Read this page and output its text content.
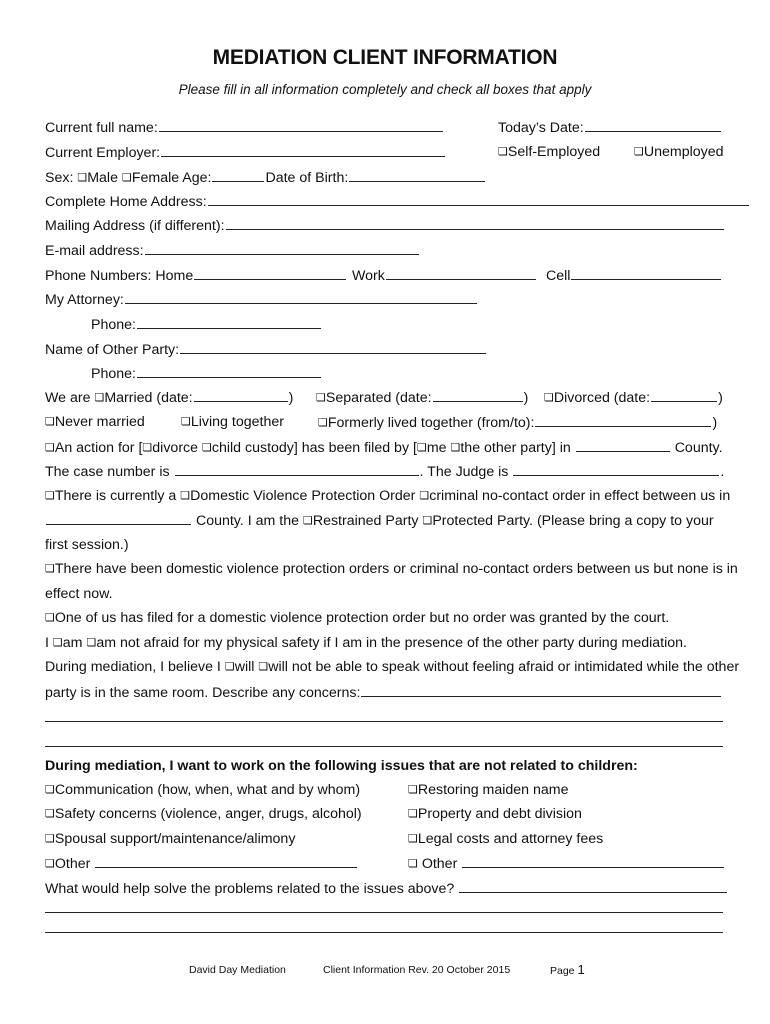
MEDIATION CLIENT INFORMATION
Please fill in all information completely and check all boxes that apply
Current full name:	Today’s Date:
Current Employer:	❏Self-Employed	❏Unemployed
Sex: ❏Male ❏Female Age:	Date of Birth:
Complete Home Address:
Mailing Address (if different):
E-mail address:
Phone Numbers: Home	Work	Cell
My Attorney:
Phone:
Name of Other Party:
Phone:
We are ❏Married (date:	) ❏Separated (date:	) ❏Divorced (date:	)
❏Never married	❏Living together	❏Formerly lived together (from/to):	)
❏An action for [❏divorce ❏child custody] has been filed by [❏me ❏the other party] in	County.
The case number is	. The Judge is	.
❏There is currently a ❏Domestic Violence Protection Order ❏criminal no-contact order in effect between us in
County. I am the ❏Restrained Party ❏Protected Party. (Please bring a copy to your
first session.)
❏There have been domestic violence protection orders or criminal no-contact orders between us but none is in
effect now.
❏One of us has filed for a domestic violence protection order but no order was granted by the court.
I ❏am ❏am not afraid for my physical safety if I am in the presence of the other party during mediation.
During mediation, I believe I ❏will ❏will not be able to speak without feeling afraid or intimidated while the other
party is in the same room. Describe any concerns:
During mediation, I want to work on the following issues that are not related to children:
❏Communication (how, when, what and by whom)	❏Restoring maiden name
❏Safety concerns (violence, anger, drugs, alcohol)	❏Property and debt division
❏Spousal support/maintenance/alimony	❏Legal costs and attorney fees
❏Other	❏ Other
What would help solve the problems related to the issues above?
David Day Mediation	Client Information Rev. 20 October 2015	Page 1
